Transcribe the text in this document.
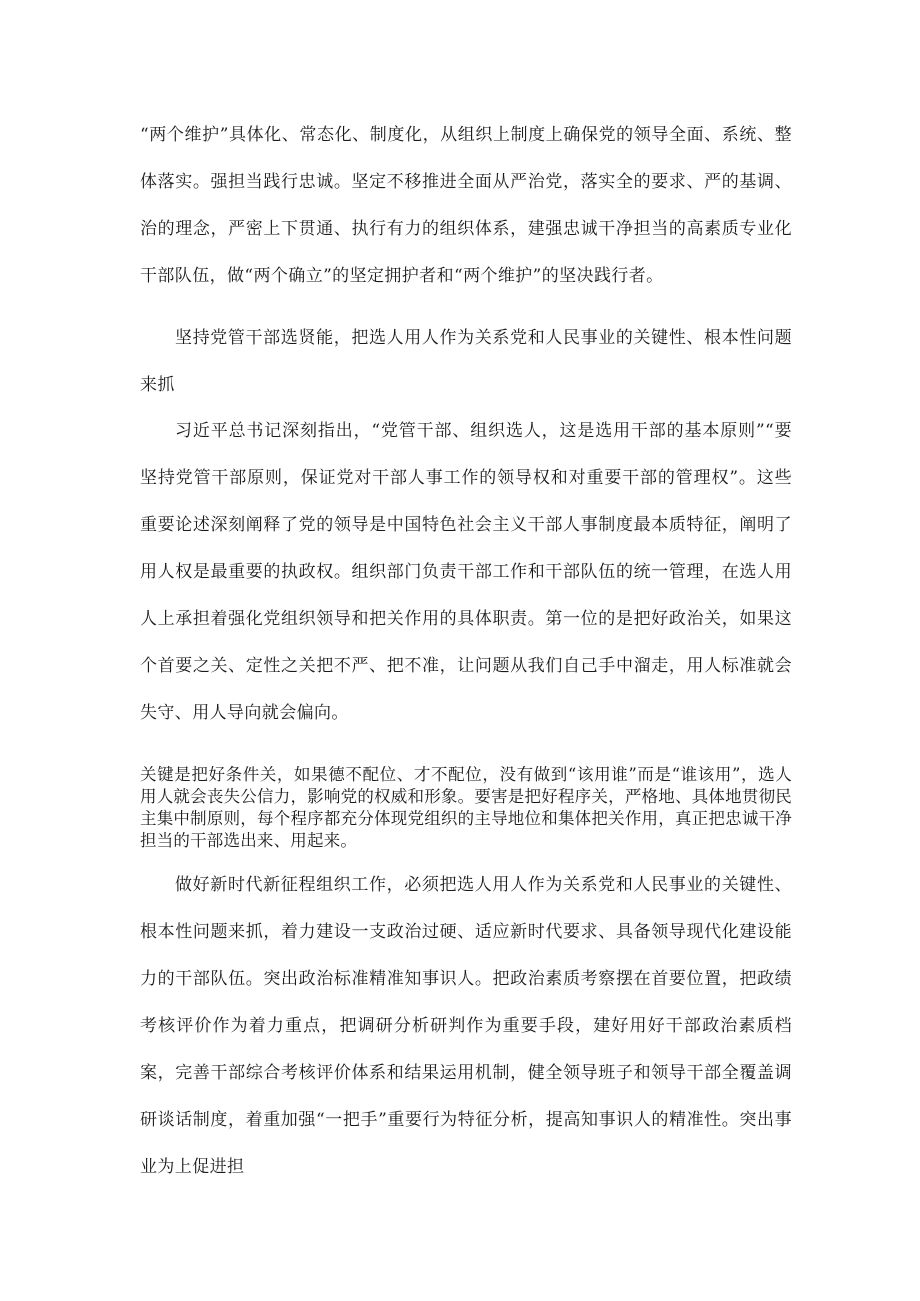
“两个维护”具体化、常态化、制度化，从组织上制度上确保党的领导全面、系统、整体落实。强担当践行忠诚。坚定不移推进全面从严治党，落实全的要求、严的基调、治的理念，严密上下贯通、执行有力的组织体系，建强忠诚干净担当的高素质专业化干部队伍，做“两个确立”的坚定拥护者和“两个维护”的坚决践行者。

坚持党管干部选贤能，把选人用人作为关系党和人民事业的关键性、根本性问题来抓

习近平总书记深刻指出，“党管干部、组织选人，这是选用干部的基本原则”“要坚持党管干部原则，保证党对干部人事工作的领导权和对重要干部的管理权”。这些重要论述深刻阐释了党的领导是中国特色社会主义干部人事制度最本质特征，阐明了用人权是最重要的执政权。组织部门负责干部工作和干部队伍的统一管理，在选人用人上承担着强化党组织领导和把关作用的具体职责。第一位的是把好政治关，如果这个首要之关、定性之关把不严、把不准，让问题从我们自己手中溜走，用人标准就会失守、用人导向就会偏向。

关键是把好条件关，如果德不配位、才不配位，没有做到“该用谁”而是“谁该用”，选人用人就会丧失公信力，影响党的权威和形象。要害是把好程序关，严格地、具体地贯彻民主集中制原则，每个程序都充分体现党组织的主导地位和集体把关作用，真正把忠诚干净担当的干部选出来、用起来。

做好新时代新征程组织工作，必须把选人用人作为关系党和人民事业的关键性、根本性问题来抓，着力建设一支政治过硬、适应新时代要求、具备领导现代化建设能力的干部队伍。突出政治标准精准知事识人。把政治素质考察摆在首要位置，把政绩考核评价作为着力重点，把调研分析研判作为重要手段，建好用好干部政治素质档案，完善干部综合考核评价体系和结果运用机制，健全领导班子和领导干部全覆盖调研谈话制度，着重加强“一把手”重要行为特征分析，提高知事识人的精准性。突出事业为上促进担
